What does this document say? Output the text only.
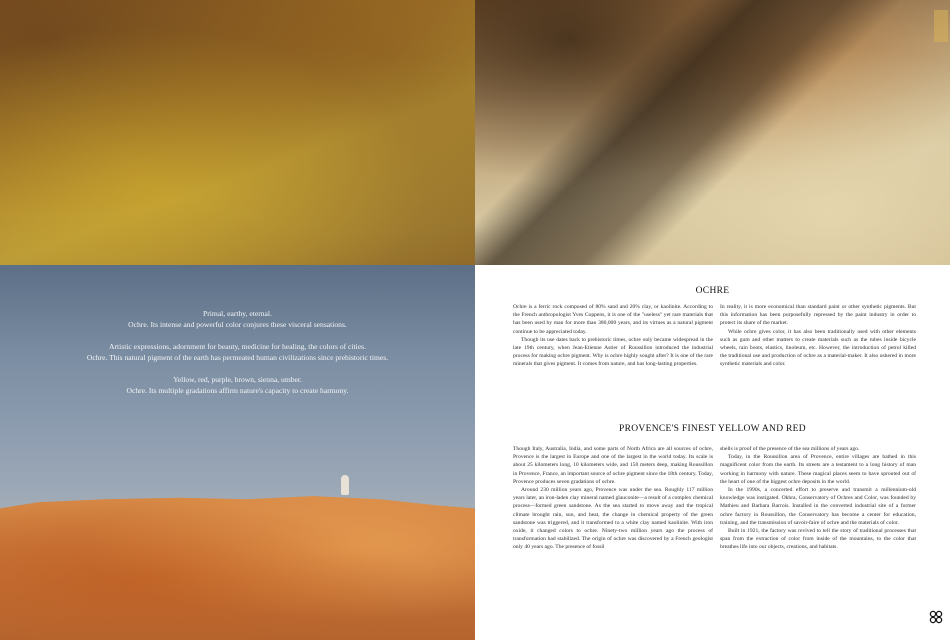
Primal, earthy, eternal.
Ochre. Its intense and powerful color conjures these visceral sensations.

Artistic expressions, adornment for beauty, medicine for healing, the colors of cities.
Ochre. This natural pigment of the earth has permeated human civilizations since prehistoric times.

Yellow, red, purple, brown, sienna, umber.
Ochre. Its multiple gradations affirm nature's capacity to create harmony.

OCHRE

Ochre is a ferric rock composed of 80% sand and 20% clay, or kaolinite. According to the French anthropologist Yves Coppens, it is one of the "useless" yet rare materials that has been used by man for more than 380,000 years, and its virtues as a natural pigment continue to be appreciated today.

Though its use dates back to prehistoric times, ochre only became widespread in the late 19th century, when Jean-Etienne Astier of Roussillon introduced the industrial process for making ochre pigment. Why is ochre highly sought after? It is one of the rare minerals that gives pigment. It comes from nature, and has long-lasting properties.

In reality, it is more economical than standard paint or other synthetic pigments. But this information has been purposefully repressed by the paint industry in order to protect its share of the market.

While ochre gives color, it has also been traditionally used with other elements such as gum and other matters to create materials such as the tubes inside bicycle wheels, rain boots, elastics, linoleum, etc. However, the introduction of petrol killed the traditional use and production of ochre as a material-maker. It also ushered in more synthetic materials and color.

PROVENCE'S FINEST YELLOW AND RED

Though Italy, Australia, India, and some parts of North Africa are all sources of ochre, Provence is the largest in Europe and one of the largest in the world today. Its scale is about 25 kilometers long, 10 kilometers wide, and 150 meters deep, making Roussillon in Provence, France, an important source of ochre pigment since the 18th century. Today, Provence produces seven gradations of ochre.

Around 230 million years ago, Provence was under the sea. Roughly 117 million years later, an iron-laden clay mineral named glauconite—a result of a complex chemical process—formed green sandstone. As the sea started to move away and the tropical climate brought rain, sun, and heat, the change in chemical property of the green sandstone was triggered, and it transformed to a white clay named kaolinite. With iron oxide, it changed colors to ochre. Ninety-two million years ago the process of transformation had stabilized. The origin of ochre was discovered by a French geologist only 40 years ago. The presence of fossil

shells is proof of the presence of the sea millions of years ago.

Today, in the Roussillon area of Provence, entire villages are bathed in this magnificent color from the earth. Its streets are a testament to a long history of man working in harmony with nature. These magical places seem to have sprouted out of the heart of one of the biggest ochre deposits in the world.

In the 1990s, a concerted effort to preserve and transmit a millennium-old knowledge was instigated. Okhra, Conservatory of Ochres and Color, was founded by Mathieu and Barbara Barrois. Installed in the converted industrial site of a former ochre factory in Roussillon, the Conservatory has become a center for education, training, and the transmission of savoir-faire of ochre and the materials of color.

Built in 1921, the factory was revived to tell the story of traditional processes that span from the extraction of color from inside of the mountains, to the color that breathes life into our objects, creations, and habitats.
